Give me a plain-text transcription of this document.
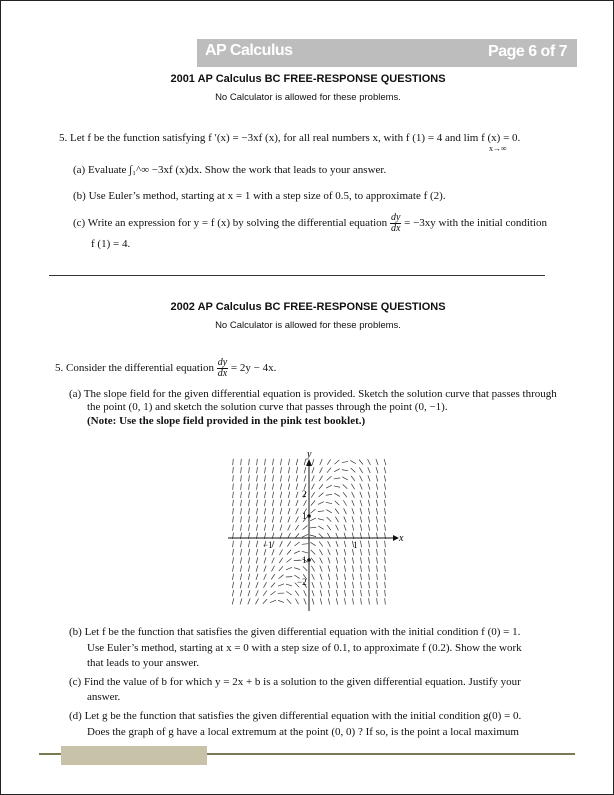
AP Calculus	Page 6 of 7
2001 AP Calculus BC FREE-RESPONSE QUESTIONS
No Calculator is allowed for these problems.
5. Let f be the function satisfying f ′(x) = −3xf (x), for all real numbers x, with f (1) = 4 and lim f (x) = 0.
x→∞
(a) Evaluate ∫₁^∞ −3xf (x)dx. Show the work that leads to your answer.
(b) Use Euler’s method, starting at x = 1 with a step size of 0.5, to approximate f (2).
(c) Write an expression for y = f (x) by solving the differential equation $\frac{dy}{dx} = -3xy$ with the initial condition
f (1) = 4.
2002 AP Calculus BC FREE-RESPONSE QUESTIONS
No Calculator is allowed for these problems.
5. Consider the differential equation $\frac{dy}{dx} = 2y - 4x$.
(a) The slope field for the given differential equation is provided. Sketch the solution curve that passes through
the point (0, 1) and sketch the solution curve that passes through the point (0, −1).
(Note: Use the slope field provided in the pink test booklet.)
x
y
2
1
−1	1
−1
−2
(b) Let f be the function that satisfies the given differential equation with the initial condition f (0) = 1.
Use Euler’s method, starting at x = 0 with a step size of 0.1, to approximate f (0.2). Show the work
that leads to your answer.
(c) Find the value of b for which y = 2x + b is a solution to the given differential equation. Justify your
answer.
(d) Let g be the function that satisfies the given differential equation with the initial condition g(0) = 0.
Does the graph of g have a local extremum at the point (0, 0) ? If so, is the point a local maximum
